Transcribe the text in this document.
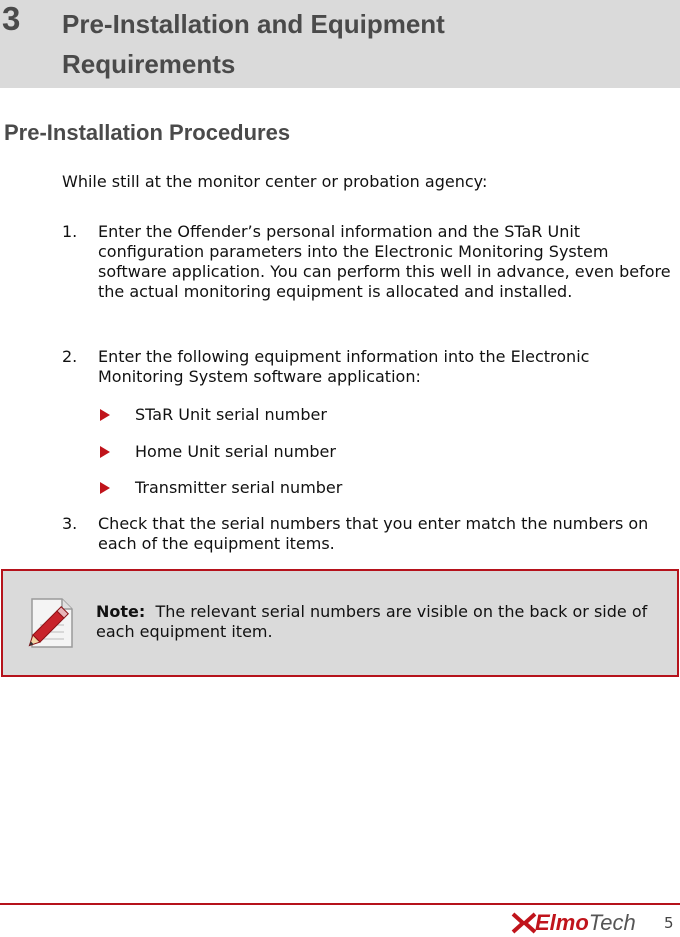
3 Pre-Installation and Equipment Requirements
Pre-Installation Procedures
While still at the monitor center or probation agency:
1. Enter the Offender’s personal information and the STaR Unit configuration parameters into the Electronic Monitoring System software application. You can perform this well in advance, even before the actual monitoring equipment is allocated and installed.
2. Enter the following equipment information into the Electronic Monitoring System software application:
STaR Unit serial number
Home Unit serial number
Transmitter serial number
3. Check that the serial numbers that you enter match the numbers on each of the equipment items.
Note: The relevant serial numbers are visible on the back or side of each equipment item.
ElmoTech 5
